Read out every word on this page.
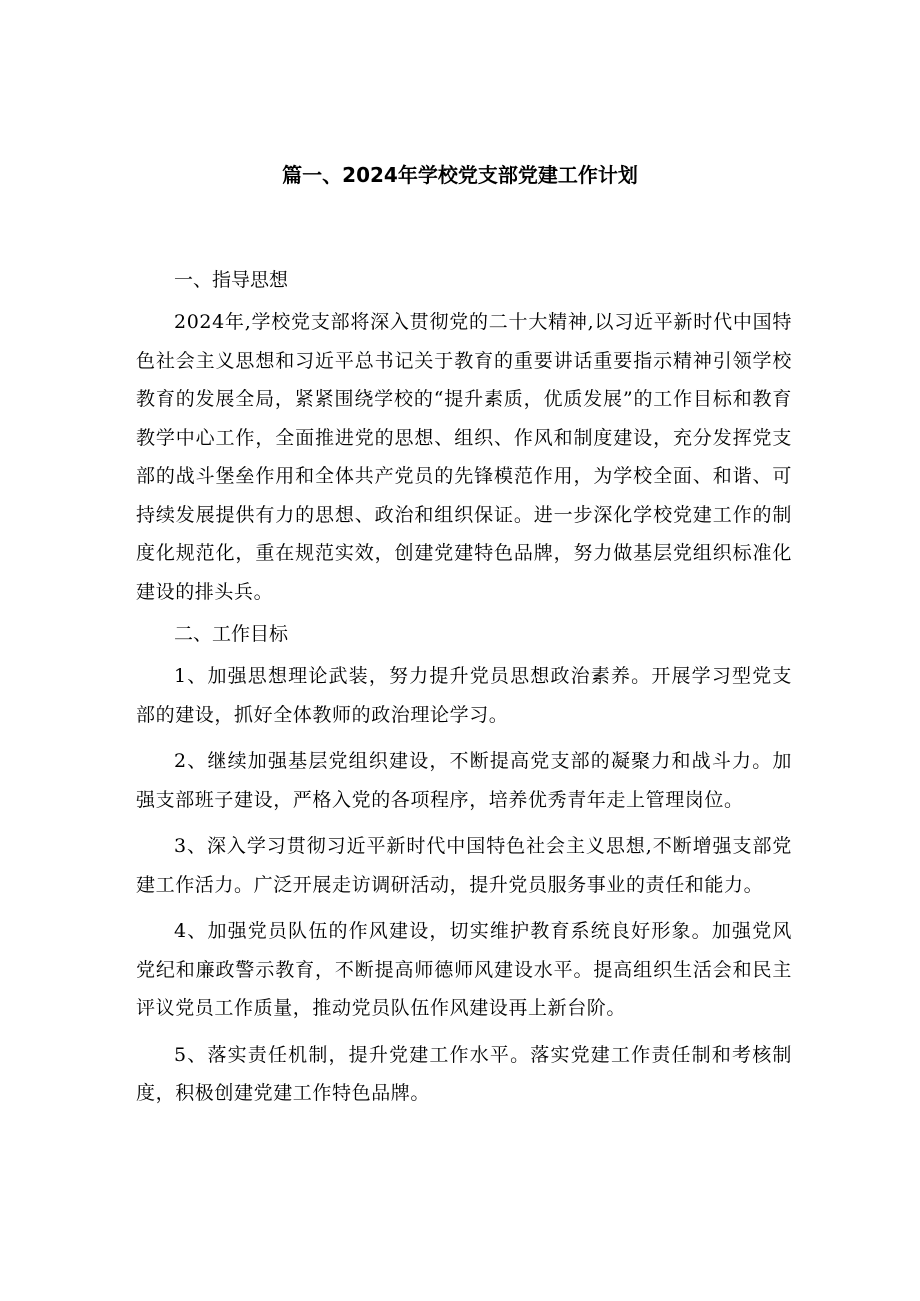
篇一、2024年学校党支部党建工作计划
一、指导思想

2024年,学校党支部将深入贯彻党的二十大精神,以习近平新时代中国特色社会主义思想和习近平总书记关于教育的重要讲话重要指示精神引领学校教育的发展全局，紧紧围绕学校的“提升素质，优质发展”的工作目标和教育教学中心工作，全面推进党的思想、组织、作风和制度建设，充分发挥党支部的战斗堡垒作用和全体共产党员的先锋模范作用，为学校全面、和谐、可持续发展提供有力的思想、政治和组织保证。进一步深化学校党建工作的制度化规范化，重在规范实效，创建党建特色品牌，努力做基层党组织标准化建设的排头兵。

二、工作目标

1、加强思想理论武装，努力提升党员思想政治素养。开展学习型党支部的建设，抓好全体教师的政治理论学习。

2、继续加强基层党组织建设，不断提高党支部的凝聚力和战斗力。加强支部班子建设，严格入党的各项程序，培养优秀青年走上管理岗位。

3、深入学习贯彻习近平新时代中国特色社会主义思想,不断增强支部党建工作活力。广泛开展走访调研活动，提升党员服务事业的责任和能力。

4、加强党员队伍的作风建设，切实维护教育系统良好形象。加强党风党纪和廉政警示教育，不断提高师德师风建设水平。提高组织生活会和民主评议党员工作质量，推动党员队伍作风建设再上新台阶。

5、落实责任机制，提升党建工作水平。落实党建工作责任制和考核制度，积极创建党建工作特色品牌。
